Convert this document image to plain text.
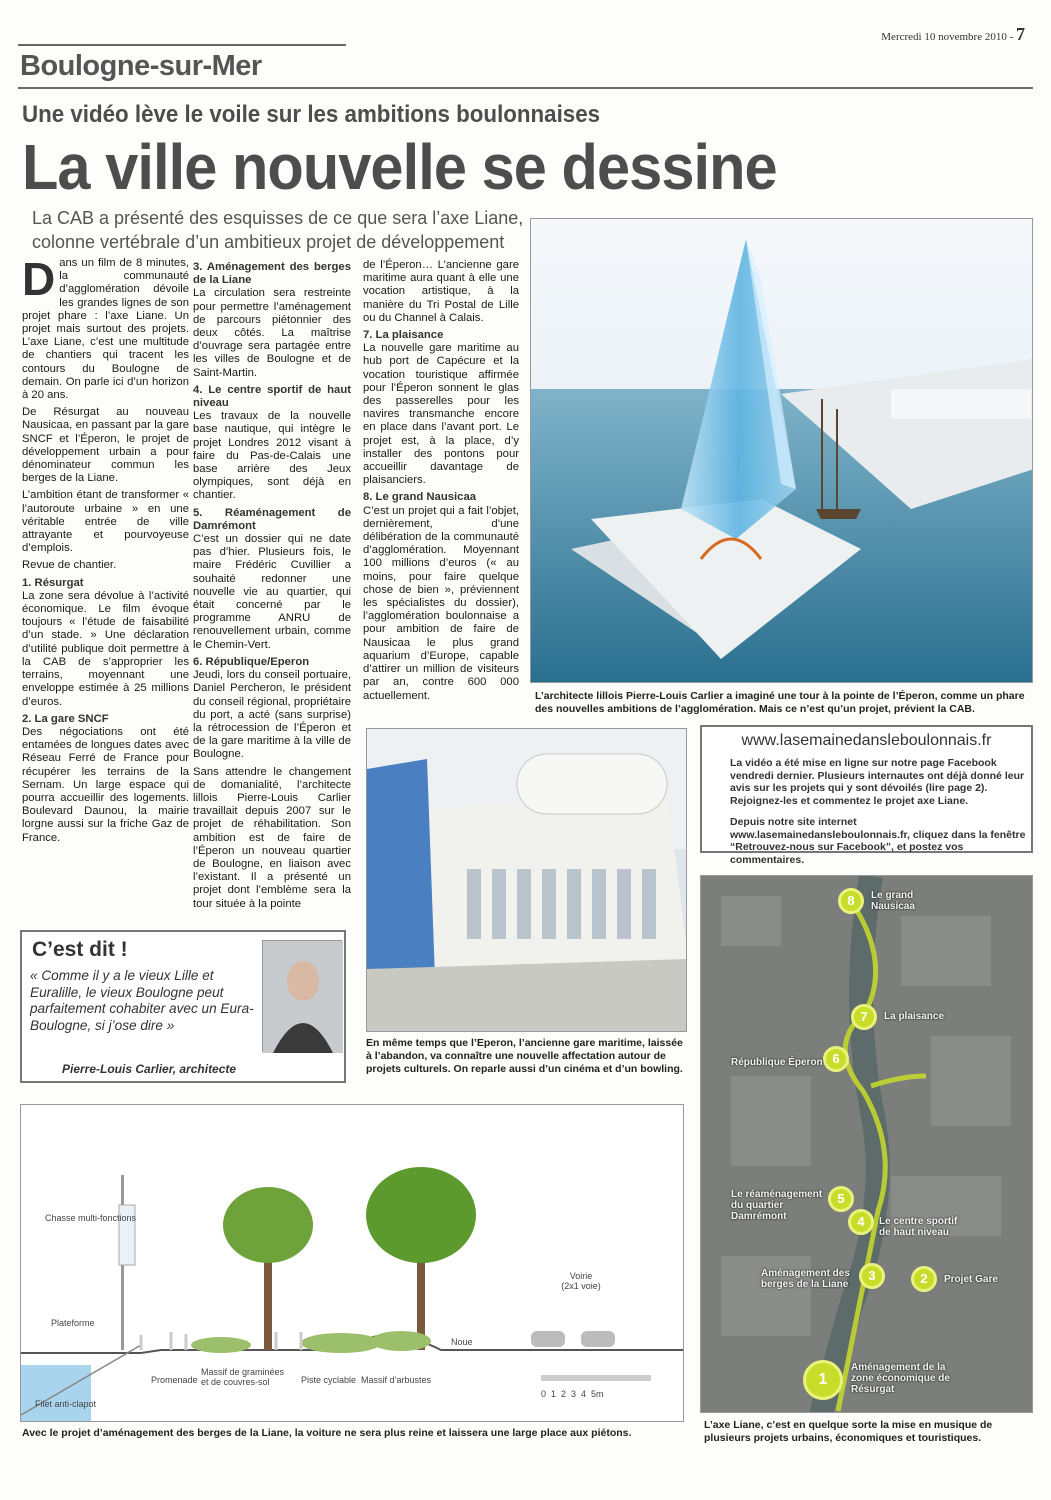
Mercredi 10 novembre 2010 - 7
Boulogne-sur-Mer
Une vidéo lève le voile sur les ambitions boulonnaises
La ville nouvelle se dessine
La CAB a présenté des esquisses de ce que sera l’axe Liane,
colonne vertébrale d’un ambitieux projet de développement

Dans un film de 8 minutes, la communauté d’agglomération dévoile les grandes lignes de son projet phare : l’axe Liane. Un projet mais surtout des projets. L’axe Liane, c’est une multitude de chantiers qui tracent les contours du Boulogne de demain. On parle ici d’un horizon à 20 ans.

De Résurgat au nouveau Nausicaa, en passant par la gare SNCF et l’Éperon, le projet de développement urbain a pour dénominateur commun les berges de la Liane.

L’ambition étant de transformer « l’autoroute urbaine » en une véritable entrée de ville attrayante et pourvoyeuse d’emplois.

Revue de chantier.

1. Résurgat

La zone sera dévolue à l’activité économique. Le film évoque toujours « l’étude de faisabilité d’un stade. » Une déclaration d’utilité publique doit permettre à la CAB de s’approprier les terrains, moyennant une enveloppe estimée à 25 millions d’euros.

2. La gare SNCF

Des négociations ont été entamées de longues dates avec Réseau Ferré de France pour récupérer les terrains de la Sernam. Un large espace qui pourra accueillir des logements. Boulevard Daunou, la mairie lorgne aussi sur la friche Gaz de France.

3. Aménagement des berges de la Liane

La circulation sera restreinte pour permettre l’aménagement de parcours piétonnier des deux côtés. La maîtrise d’ouvrage sera partagée entre les villes de Boulogne et de Saint-Martin.

4. Le centre sportif de haut niveau

Les travaux de la nouvelle base nautique, qui intègre le projet Londres 2012 visant à faire du Pas-de-Calais une base arrière des Jeux olympiques, sont déjà en chantier.

5. Réaménagement de Damrémont

C’est un dossier qui ne date pas d’hier. Plusieurs fois, le maire Frédéric Cuvillier a souhaité redonner une nouvelle vie au quartier, qui était concerné par le programme ANRU de renouvellement urbain, comme le Chemin-Vert.

6. République/Eperon

Jeudi, lors du conseil portuaire, Daniel Percheron, le président du conseil régional, propriétaire du port, a acté (sans surprise) la rétrocession de l’Éperon et de la gare maritime à la ville de Boulogne.

Sans attendre le changement de domanialité, l’architecte lillois Pierre-Louis Carlier travaillait depuis 2007 sur le projet de réhabilitation. Son ambition est de faire de l’Éperon un nouveau quartier de Boulogne, en liaison avec l’existant. Il a présenté un projet dont l’emblème sera la tour située à la pointe

de l’Éperon… L’ancienne gare maritime aura quant à elle une vocation artistique, à la manière du Tri Postal de Lille ou du Channel à Calais.

7. La plaisance

La nouvelle gare maritime au hub port de Capécure et la vocation touristique affirmée pour l’Éperon sonnent le glas des passerelles pour les navires transmanche encore en place dans l’avant port. Le projet est, à la place, d’y installer des pontons pour accueillir davantage de plaisanciers.

8. Le grand Nausicaa

C’est un projet qui a fait l’objet, dernièrement, d’une délibération de la communauté d’agglomération. Moyennant 100 millions d’euros (« au moins, pour faire quelque chose de bien », préviennent les spécialistes du dossier), l’agglomération boulonnaise a pour ambition de faire de Nausicaa le plus grand aquarium d’Europe, capable d’attirer un million de visiteurs par an, contre 600 000 actuellement.	L’architecte lillois Pierre-Louis Carlier a imaginé une tour à la pointe de l’Éperon, comme un phare des nouvelles ambitions de l’agglomération. Mais ce n’est qu’un projet, prévient la CAB.
En même temps que l’Eperon, l’ancienne gare maritime, laissée à l’abandon, va connaître une nouvelle affectation autour de projets culturels. On reparle aussi d’un cinéma et d’un bowling.
C’est dit !
« Comme il y a le vieux Lille et Euralille, le vieux Boulogne peut parfaitement cohabiter avec un Eura-Boulogne, si j’ose dire »
Pierre-Louis Carlier, architecte
www.lasemainedansleboulonnais.fr
La vidéo a été mise en ligne sur notre page Facebook vendredi dernier. Plusieurs internautes ont déjà donné leur avis sur les projets qui y sont dévoilés (lire page 2). Rejoignez-les et commentez le projet axe Liane.
Depuis notre site internet www.lasemainedansleboulonnais.fr, cliquez dans la fenêtre “Retrouvez-nous sur Facebook”, et postez vos commentaires.
8	Le grand Nausicaa
7	La plaisance
6
République Éperon
5
Le réaménagement du quartier Damrémont	4	Le centre sportif de haut niveau
3
Aménagement des berges de la Liane	2	Projet Gare
1
Aménagement de la zone économique de Résurgat
L’axe Liane, c’est en quelque sorte la mise en musique de plusieurs projets urbains, économiques et touristiques.
Chasse multi-fonctions
Plateforme
Filet anti-clapot
Promenade
Massif de graminées et de couvres-sol	Piste cyclable Massif d’arbustes
Noue
Voirie (2x1 voie)
0  1  2  3  4  5m
Avec le projet d’aménagement des berges de la Liane, la voiture ne sera plus reine et laissera une large place aux piétons.
